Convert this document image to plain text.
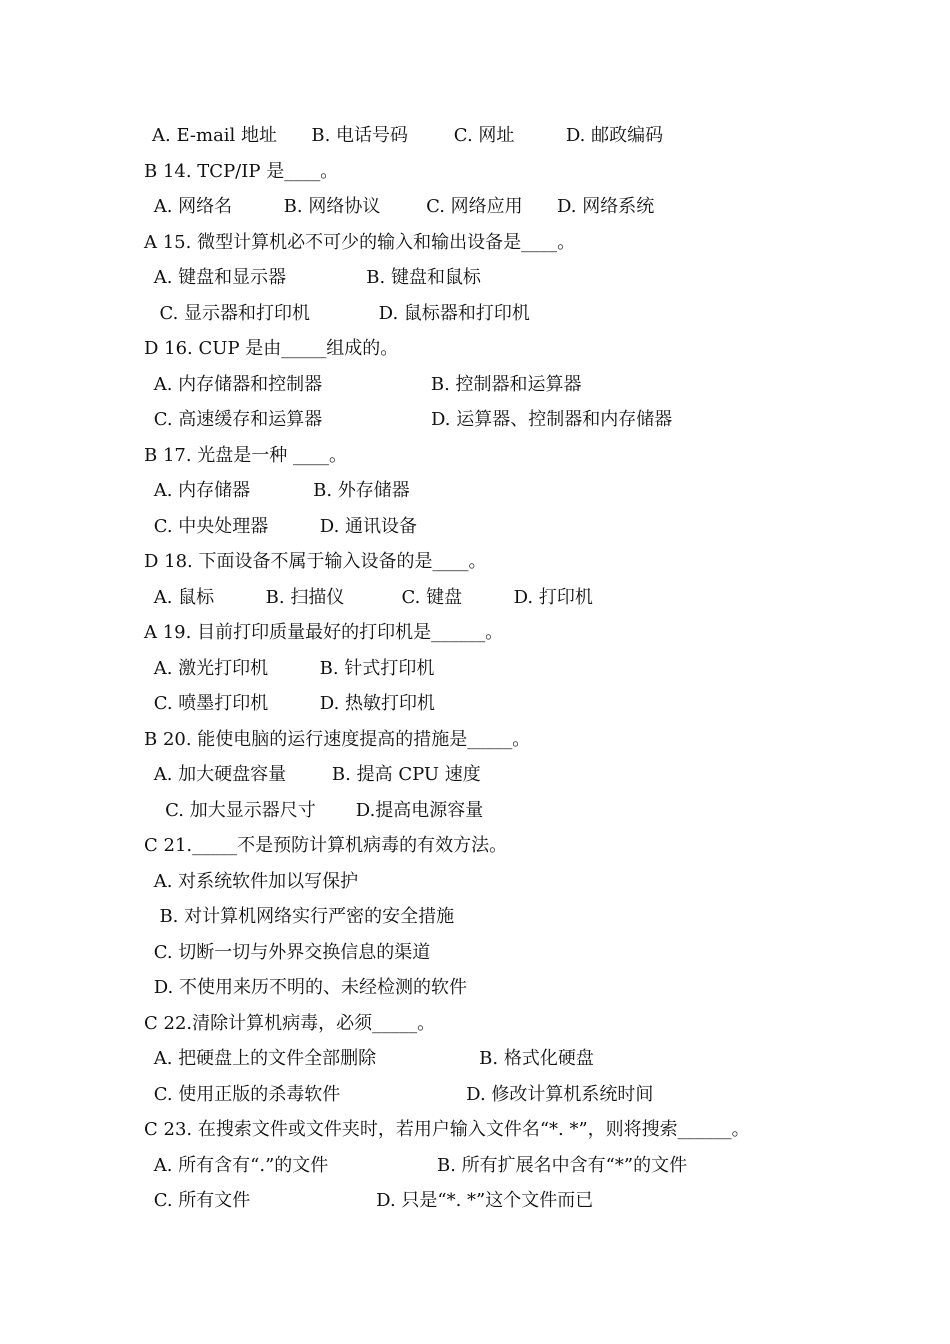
A. E-mail 地址      B. 电话号码        C. 网址         D. 邮政编码
B 14. TCP/IP 是____。
A. 网络名         B. 网络协议        C. 网络应用      D. 网络系统
A 15. 微型计算机必不可少的输入和输出设备是____。
A. 键盘和显示器              B. 键盘和鼠标
C. 显示器和打印机            D. 鼠标器和打印机
D 16. CUP 是由_____组成的。
A. 内存储器和控制器                   B. 控制器和运算器
C. 高速缓存和运算器                   D. 运算器、控制器和内存储器
B 17. 光盘是一种 ____。
A. 内存储器           B. 外存储器
C. 中央处理器         D. 通讯设备
D 18. 下面设备不属于输入设备的是____。
A. 鼠标         B. 扫描仪          C. 键盘         D. 打印机
A 19. 目前打印质量最好的打印机是______。
A. 激光打印机         B. 针式打印机
C. 喷墨打印机         D. 热敏打印机
B 20. 能使电脑的运行速度提高的措施是_____。
A. 加大硬盘容量        B. 提高 CPU 速度
C. 加大显示器尺寸       D.提高电源容量
C 21._____不是预防计算机病毒的有效方法。
A. 对系统软件加以写保护
B. 对计算机网络实行严密的安全措施
C. 切断一切与外界交换信息的渠道
D. 不使用来历不明的、未经检测的软件
C 22.清除计算机病毒，必须_____。
A. 把硬盘上的文件全部删除                  B. 格式化硬盘
C. 使用正版的杀毒软件                      D. 修改计算机系统时间
C 23. 在搜索文件或文件夹时，若用户输入文件名“*. *”，则将搜索______。
A. 所有含有“.”的文件                   B. 所有扩展名中含有“*”的文件
C. 所有文件                      D. 只是“*. *”这个文件而已
